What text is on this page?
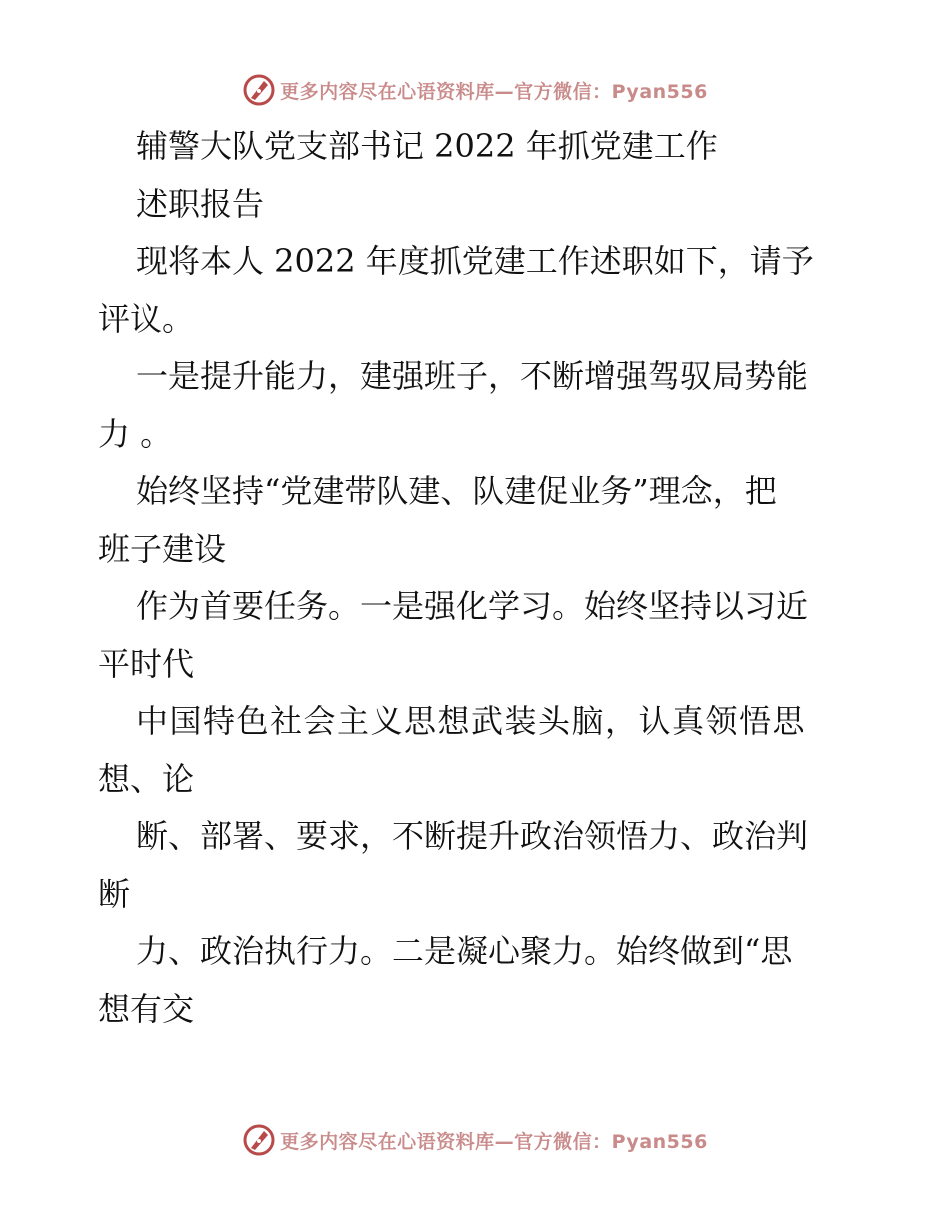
更多内容尽在心语资料库—官方微信：Pyan556
辅警大队党支部书记 2022 年抓党建工作
述职报告
现将本人 2022 年度抓党建工作述职如下，请予
评议。
一是提升能力，建强班子，不断增强驾驭局势能
力 。
始终坚持“党建带队建、队建促业务”理念，把
班子建设
作为首要任务。一是强化学习。始终坚持以习近
平时代
中国特色社会主义思想武装头脑，认真领悟思
想、论
断、部署、要求，不断提升政治领悟力、政治判
断
力、政治执行力。二是凝心聚力。始终做到“思
想有交
更多内容尽在心语资料库—官方微信：Pyan556
